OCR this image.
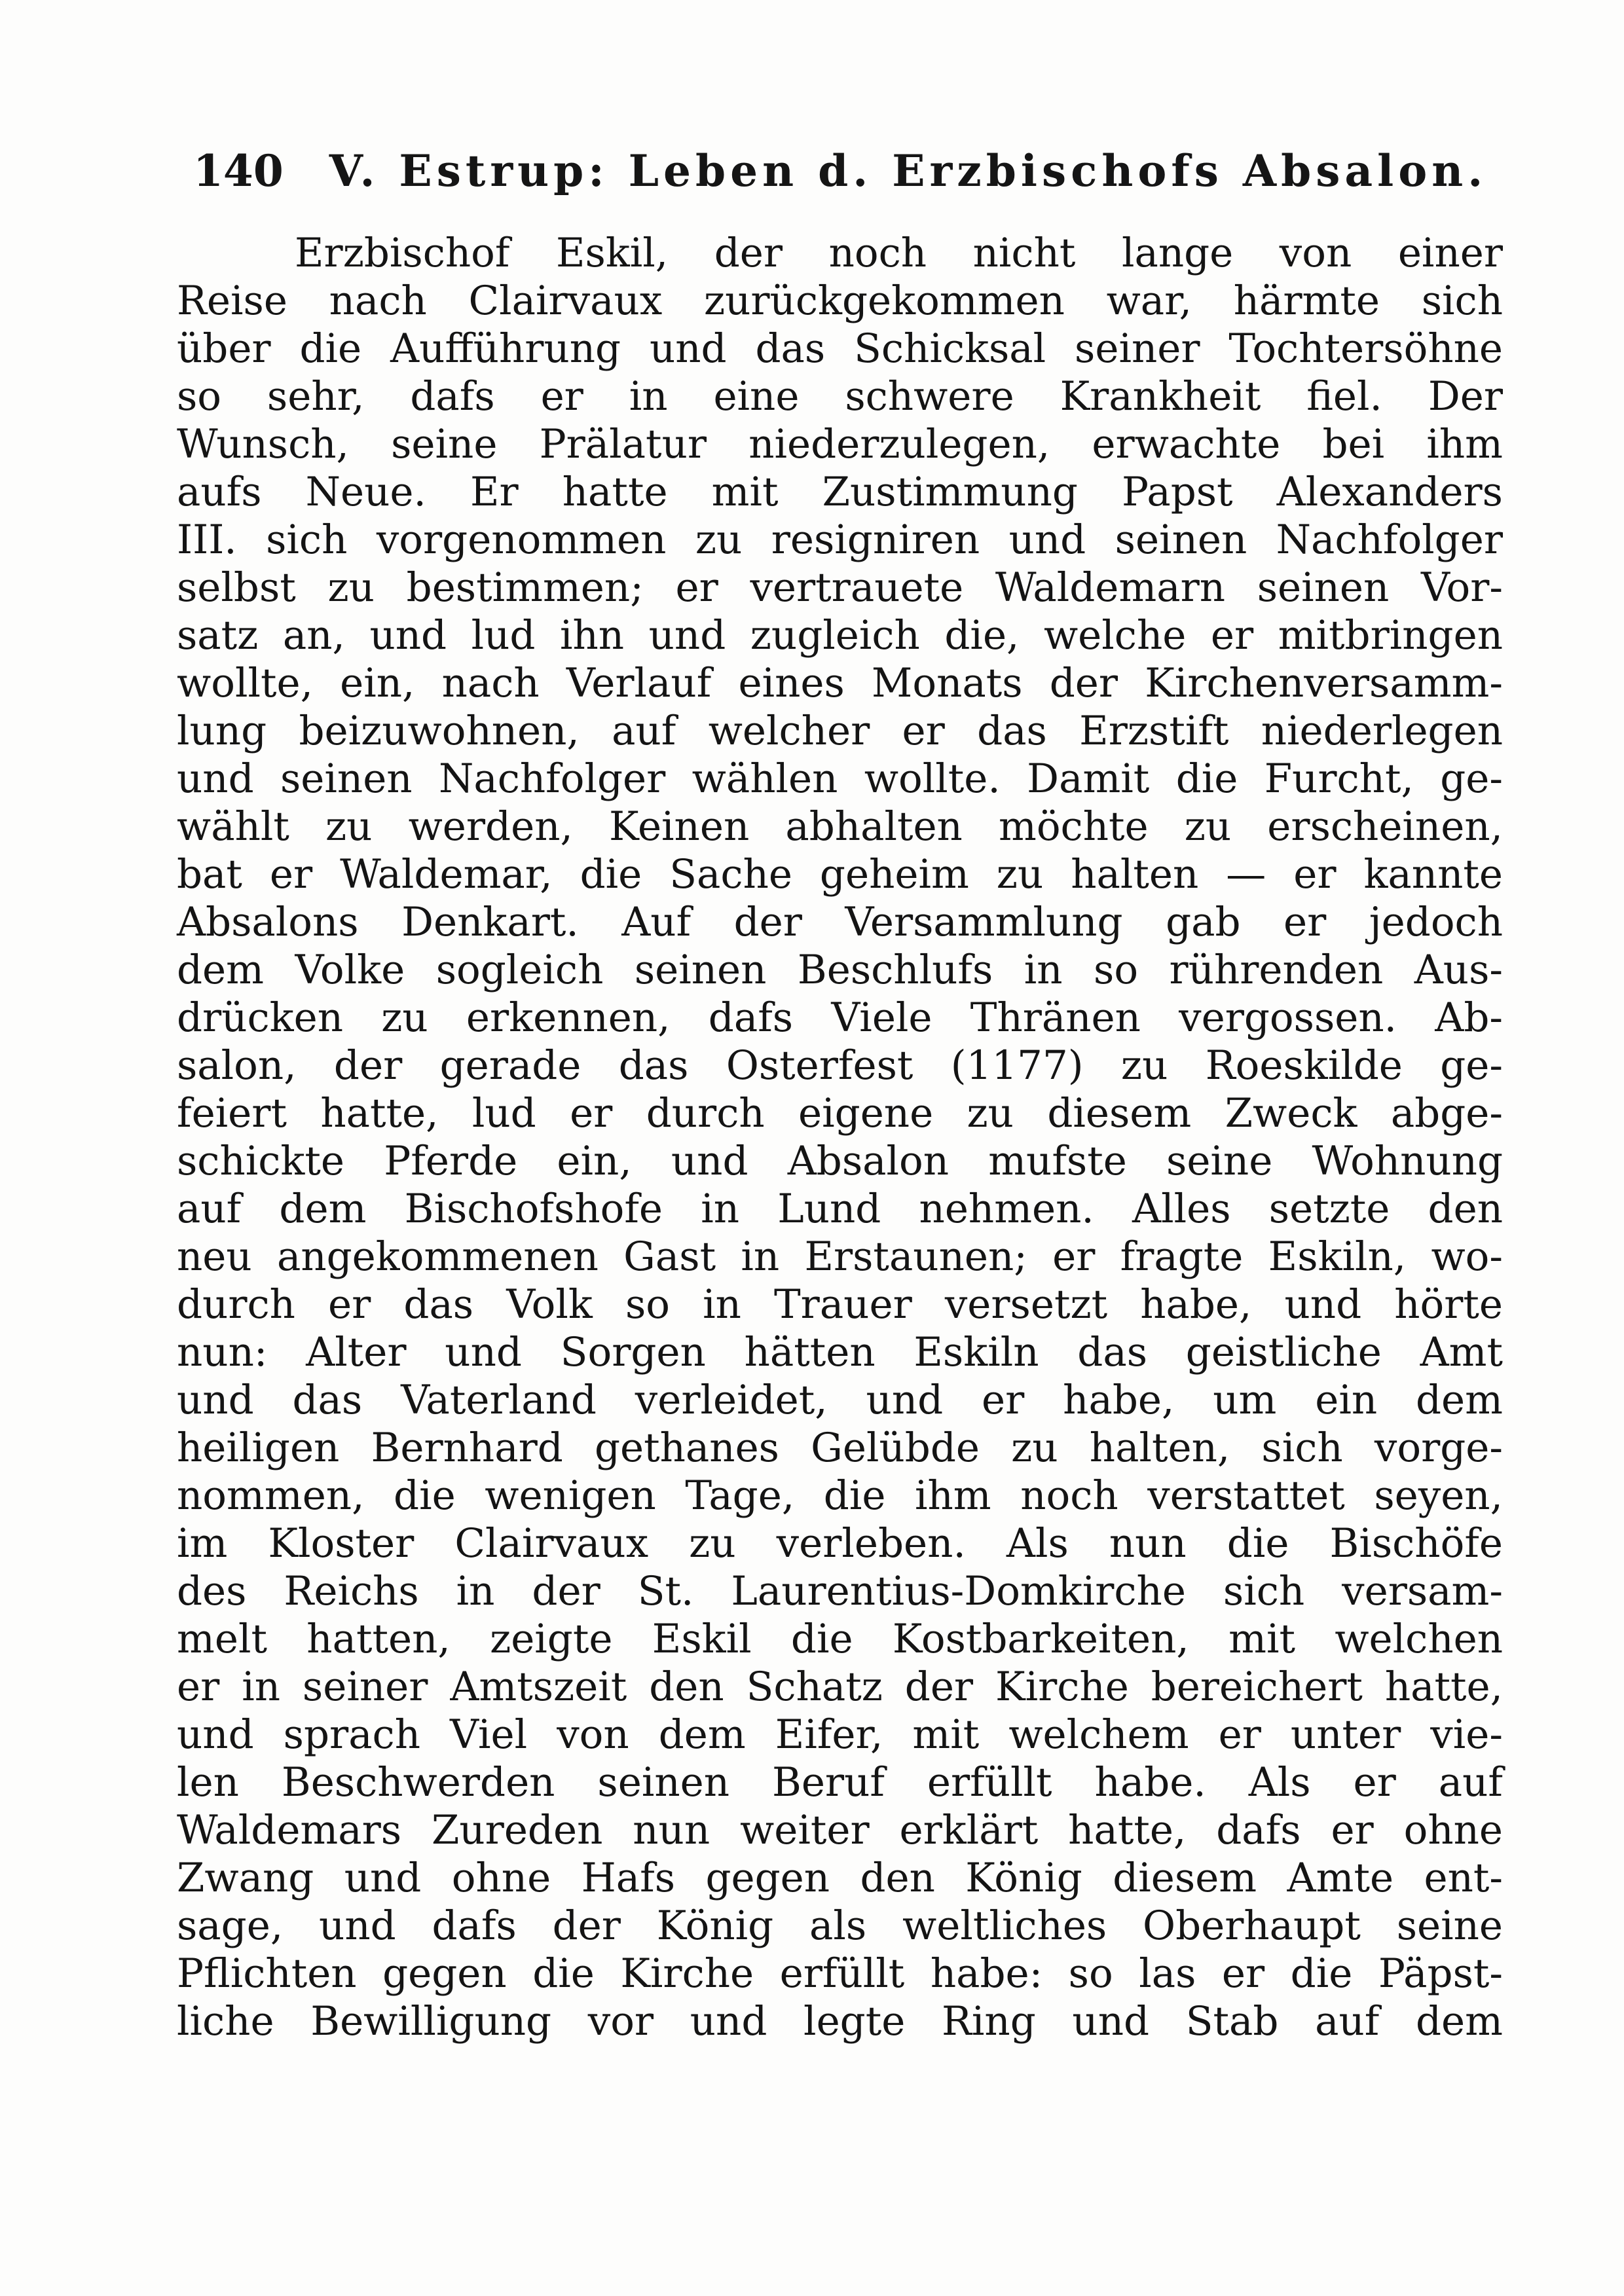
140 V. Estrup: Leben d. Erzbischofs Absalon.
Erzbischof Eskil, der noch nicht lange von einer
Reise nach Clairvaux zurückgekommen war, härmte sich
über die Aufführung und das Schicksal seiner Tochtersöhne
so sehr, dafs er in eine schwere Krankheit fiel. Der
Wunsch, seine Prälatur niederzulegen, erwachte bei ihm
aufs Neue. Er hatte mit Zustimmung Papst Alexanders
III. sich vorgenommen zu resigniren und seinen Nachfolger
selbst zu bestimmen; er vertrauete Waldemarn seinen Vor-
satz an, und lud ihn und zugleich die, welche er mitbringen
wollte, ein, nach Verlauf eines Monats der Kirchenversamm-
lung beizuwohnen, auf welcher er das Erzstift niederlegen
und seinen Nachfolger wählen wollte. Damit die Furcht, ge-
wählt zu werden, Keinen abhalten möchte zu erscheinen,
bat er Waldemar, die Sache geheim zu halten — er kannte
Absalons Denkart. Auf der Versammlung gab er jedoch
dem Volke sogleich seinen Beschlufs in so rührenden Aus-
drücken zu erkennen, dafs Viele Thränen vergossen. Ab-
salon, der gerade das Osterfest (1177) zu Roeskilde ge-
feiert hatte, lud er durch eigene zu diesem Zweck abge-
schickte Pferde ein, und Absalon mufste seine Wohnung
auf dem Bischofshofe in Lund nehmen. Alles setzte den
neu angekommenen Gast in Erstaunen; er fragte Eskiln, wo-
durch er das Volk so in Trauer versetzt habe, und hörte
nun: Alter und Sorgen hätten Eskiln das geistliche Amt
und das Vaterland verleidet, und er habe, um ein dem
heiligen Bernhard gethanes Gelübde zu halten, sich vorge-
nommen, die wenigen Tage, die ihm noch verstattet seyen,
im Kloster Clairvaux zu verleben. Als nun die Bischöfe
des Reichs in der St. Laurentius-Domkirche sich versam-
melt hatten, zeigte Eskil die Kostbarkeiten, mit welchen
er in seiner Amtszeit den Schatz der Kirche bereichert hatte,
und sprach Viel von dem Eifer, mit welchem er unter vie-
len Beschwerden seinen Beruf erfüllt habe. Als er auf
Waldemars Zureden nun weiter erklärt hatte, dafs er ohne
Zwang und ohne Hafs gegen den König diesem Amte ent-
sage, und dafs der König als weltliches Oberhaupt seine
Pflichten gegen die Kirche erfüllt habe: so las er die Päpst-
liche Bewilligung vor und legte Ring und Stab auf dem
